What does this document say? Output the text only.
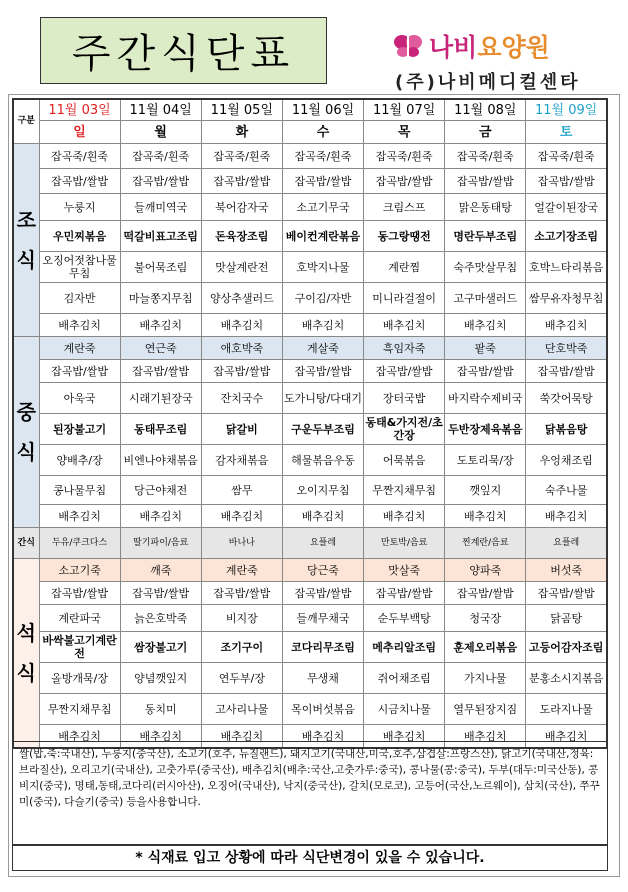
주간식단표	나비요양원
(주)나비메디컬센타
구분	11월 03일	11월 04일	11월 05일	11월 06일	11월 07일	11월 08일	11월 09일
	일	월	화	수	목	금	토

조
식	잡곡죽/흰죽	잡곡죽/흰죽	잡곡죽/흰죽	잡곡죽/흰죽	잡곡죽/흰죽	잡곡죽/흰죽	잡곡죽/흰죽
	잡곡밥/쌀밥	잡곡밥/쌀밥	잡곡밥/쌀밥	잡곡밥/쌀밥	잡곡밥/쌀밥	잡곡밥/쌀밥	잡곡밥/쌀밥
	누룽지	들깨미역국	북어감자국	소고기무국	크림스프	맑은동태탕	얼갈이된장국
	우민찌볶음	떡갈비표고조림	돈육장조림	베이컨계란볶음	동그랑땡전	명란두부조림	소고기장조림
	오징어젓참나물무침	불어묵조림	맛살계란전	호박지나물	계란찜	숙주맛살무침	호박느타리볶음
	김자반	마늘쫑지무침	양상추샐러드	구이김/자반	미니라걸절이	고구마샐러드	쌈무유자청무침
	배추김치	배추김치	배추김치	배추김치	배추김치	배추김치	배추김치

중
식	계란죽	연근죽	애호박죽	게살죽	흑임자죽	팥죽	단호박죽
	잡곡밥/쌀밥	잡곡밥/쌀밥	잡곡밥/쌀밥	잡곡밥/쌀밥	잡곡밥/쌀밥	잡곡밥/쌀밥	잡곡밥/쌀밥
	아욱국	시래기된장국	잔치국수	도가니탕/다대기	장터국밥	바지락수제비국	쑥갓어묵탕
	된장불고기	동태무조림	닭갈비	구운두부조림	동태&가지전/초간장	두반장제육볶음	닭볶음탕
	양배추/장	비엔나야채볶음	감자채볶음	해물볶음우동	어묵볶음	도토리묵/장	우엉채조림
	콩나물무침	당근야채전	쌈무	오이지무침	무짠지채무침	깻잎지	숙주나물
	배추김치	배추김치	배추김치	배추김치	배추김치	배추김치	배추김치
간식	두유/쿠크다스	딸기파이/음료	바나나	요플레	만토박/음료	찐계란/음료	요플레

석
식	소고기죽	깨죽	계란죽	당근죽	맛살죽	양파죽	버섯죽
	잡곡밥/쌀밥	잡곡밥/쌀밥	잡곡밥/쌀밥	잡곡밥/쌀밥	잡곡밥/쌀밥	잡곡밥/쌀밥	잡곡밥/쌀밥
	계란파국	늙은호박죽	비지장	들깨무채국	순두부백탕	청국장	닭곰탕
	바싹불고기계란전	쌈장불고기	조기구이	코다리무조림	메추리알조림	훈제오리볶음	고등어감자조림
	올방개묵/장	양념깻잎지	연두부/장	무생채	쥐어채조림	가지나물	분홍소시지볶음
	무짠지채무침	동치미	고사리나물	목이버섯볶음	시금치나물	열무된장지짐	도라지나물
	배추김치	배추김치	배추김치	배추김치	배추김치	배추김치	배추김치
쌀(밥,죽:국내산), 누룽지(중국산), 소고기(호주, 뉴질랜드), 돼지고기(국내산,미국,호주,삼겹살:프랑스산), 닭고기(국내산,정육:브라질산), 오리고기(국내산), 고춧가루(중국산), 배추김치(배추:국산,고춧가루:중국), 콩나물(콩:중국), 두부(대두:미국산동), 콩비지(중국), 명태,동태,코다리(러시아산), 오징어(국내산), 낙지(중국산), 갈치(모로코), 고등어(국산,노르웨이), 삼치(국산), 쭈꾸미(중국), 다슬기(중국) 등을사용합니다.
* 식재료 입고 상황에 따라 식단변경이 있을 수 있습니다.
